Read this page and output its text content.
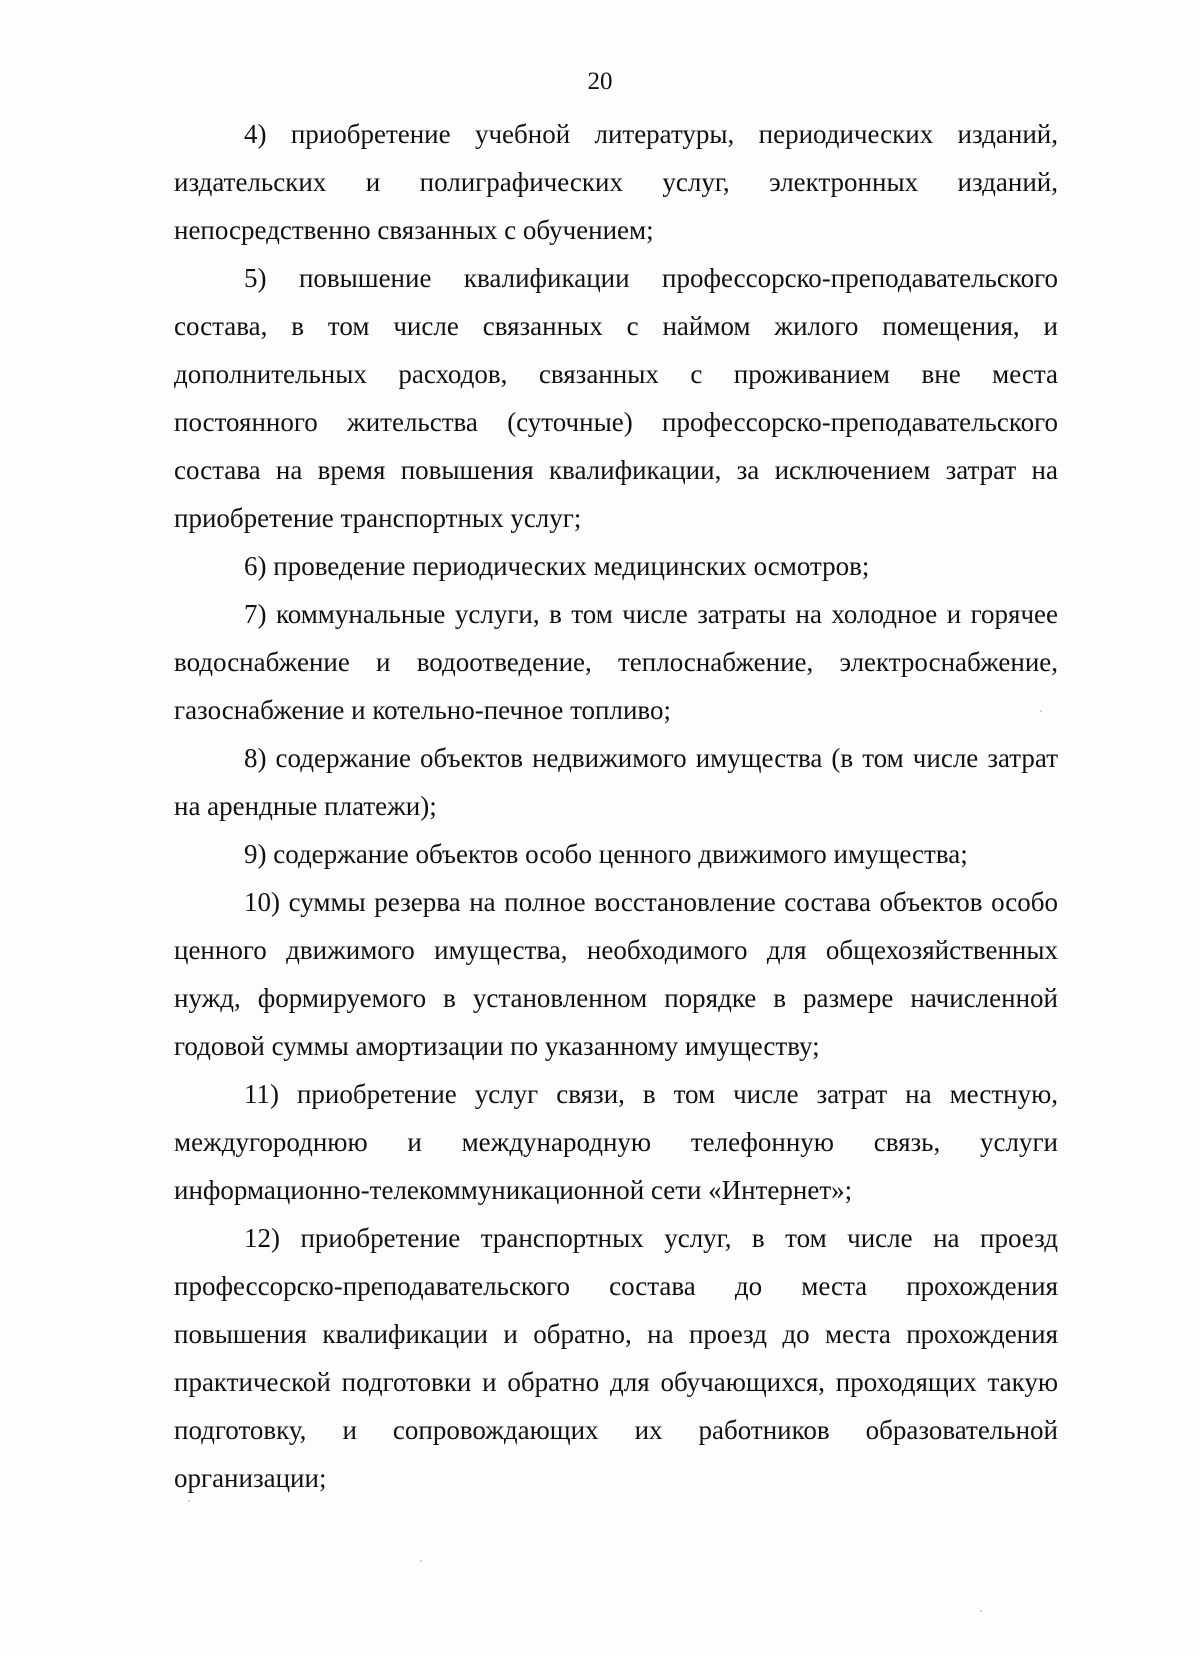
20

4) приобретение учебной литературы, периодических изданий, издательских и полиграфических услуг, электронных изданий, непосредственно связанных с обучением;

5) повышение квалификации профессорско-преподавательского состава, в том числе связанных с наймом жилого помещения, и дополнительных расходов, связанных с проживанием вне места постоянного жительства (суточные) профессорско-преподавательского состава на время повышения квалификации, за исключением затрат на приобретение транспортных услуг;

6) проведение периодических медицинских осмотров;

7) коммунальные услуги, в том числе затраты на холодное и горячее водоснабжение и водоотведение, теплоснабжение, электроснабжение, газоснабжение и котельно-печное топливо;

8) содержание объектов недвижимого имущества (в том числе затрат на арендные платежи);

9) содержание объектов особо ценного движимого имущества;

10) суммы резерва на полное восстановление состава объектов особо ценного движимого имущества, необходимого для общехозяйственных нужд, формируемого в установленном порядке в размере начисленной годовой суммы амортизации по указанному имуществу;

11) приобретение услуг связи, в том числе затрат на местную, междугороднюю и международную телефонную связь, услуги информационно-телекоммуникационной сети «Интернет»;

12) приобретение транспортных услуг, в том числе на проезд профессорско-преподавательского состава до места прохождения повышения квалификации и обратно, на проезд до места прохождения практической подготовки и обратно для обучающихся, проходящих такую подготовку, и сопровождающих их работников образовательной организации;
